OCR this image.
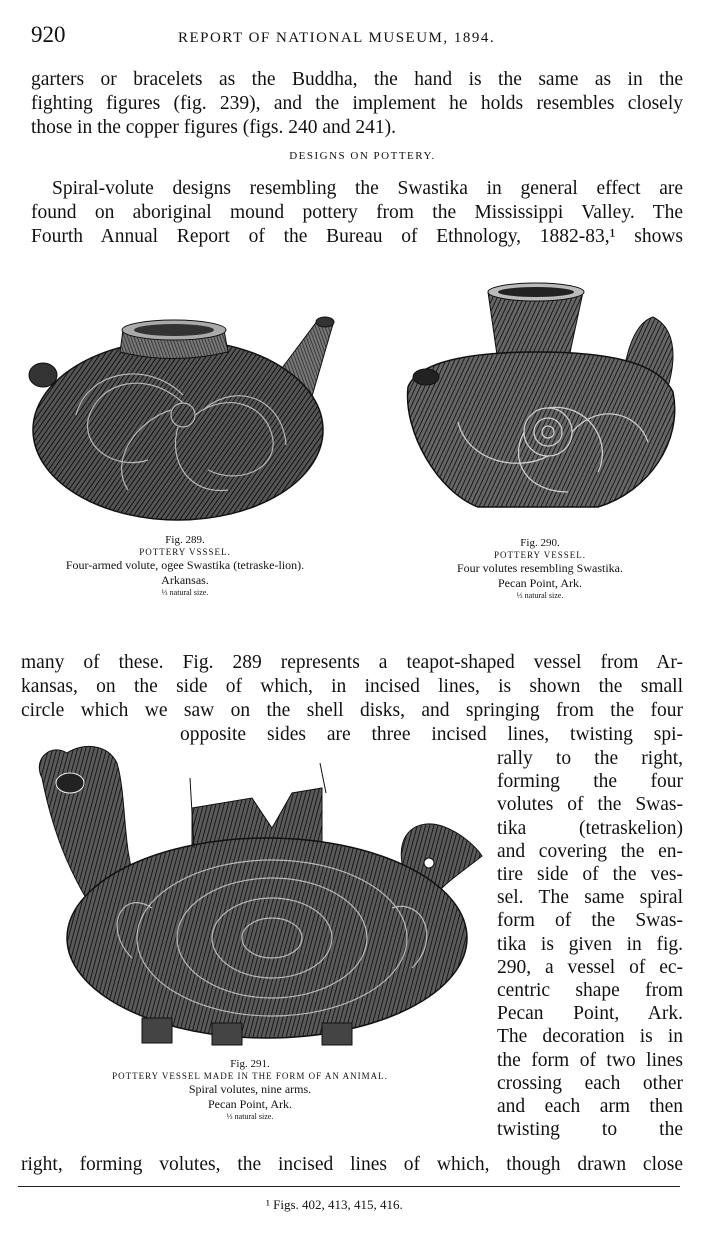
920	REPORT OF NATIONAL MUSEUM, 1894.
garters or bracelets as the Buddha, the hand is the same as in the
fighting figures (fig. 239), and the implement he holds resembles closely
those in the copper figures (figs. 240 and 241).
DESIGNS ON POTTERY.
Spiral-volute designs resembling the Swastika in general effect are
found on aboriginal mound pottery from the Mississippi Valley. The
Fourth Annual Report of the Bureau of Ethnology, 1882-83,¹ shows
Fig. 289.
POTTERY VSSSEL.
Four-armed volute, ogee Swastika (tetraske-lion).
Arkansas.
⅓ natural size.
Fig. 290.
POTTERY VESSEL.
Four volutes resembling Swastika.
Pecan Point, Ark.
⅓ natural size.
many of these. Fig. 289 represents a teapot-shaped vessel from Ar-
kansas, on the side of which, in incised lines, is shown the small
circle which we saw on the shell disks, and springing from the four
opposite sides are three incised lines, twisting spi-
rally to the right,
forming the four
volutes of the Swas-
tika (tetraskelion)
and covering the en-
tire side of the ves-
sel. The same spiral
form of the Swas-
tika is given in fig.
290, a vessel of ec-
centric shape from
Pecan Point, Ark.
The decoration is in
the form of two lines
crossing each other
and each arm then
twisting to the
Fig. 291.
POTTERY VESSEL MADE IN THE FORM OF AN ANIMAL.
Spiral volutes, nine arms.
Pecan Point, Ark.
⅓ natural size.
right, forming volutes, the incised lines of which, though drawn close
¹ Figs. 402, 413, 415, 416.
